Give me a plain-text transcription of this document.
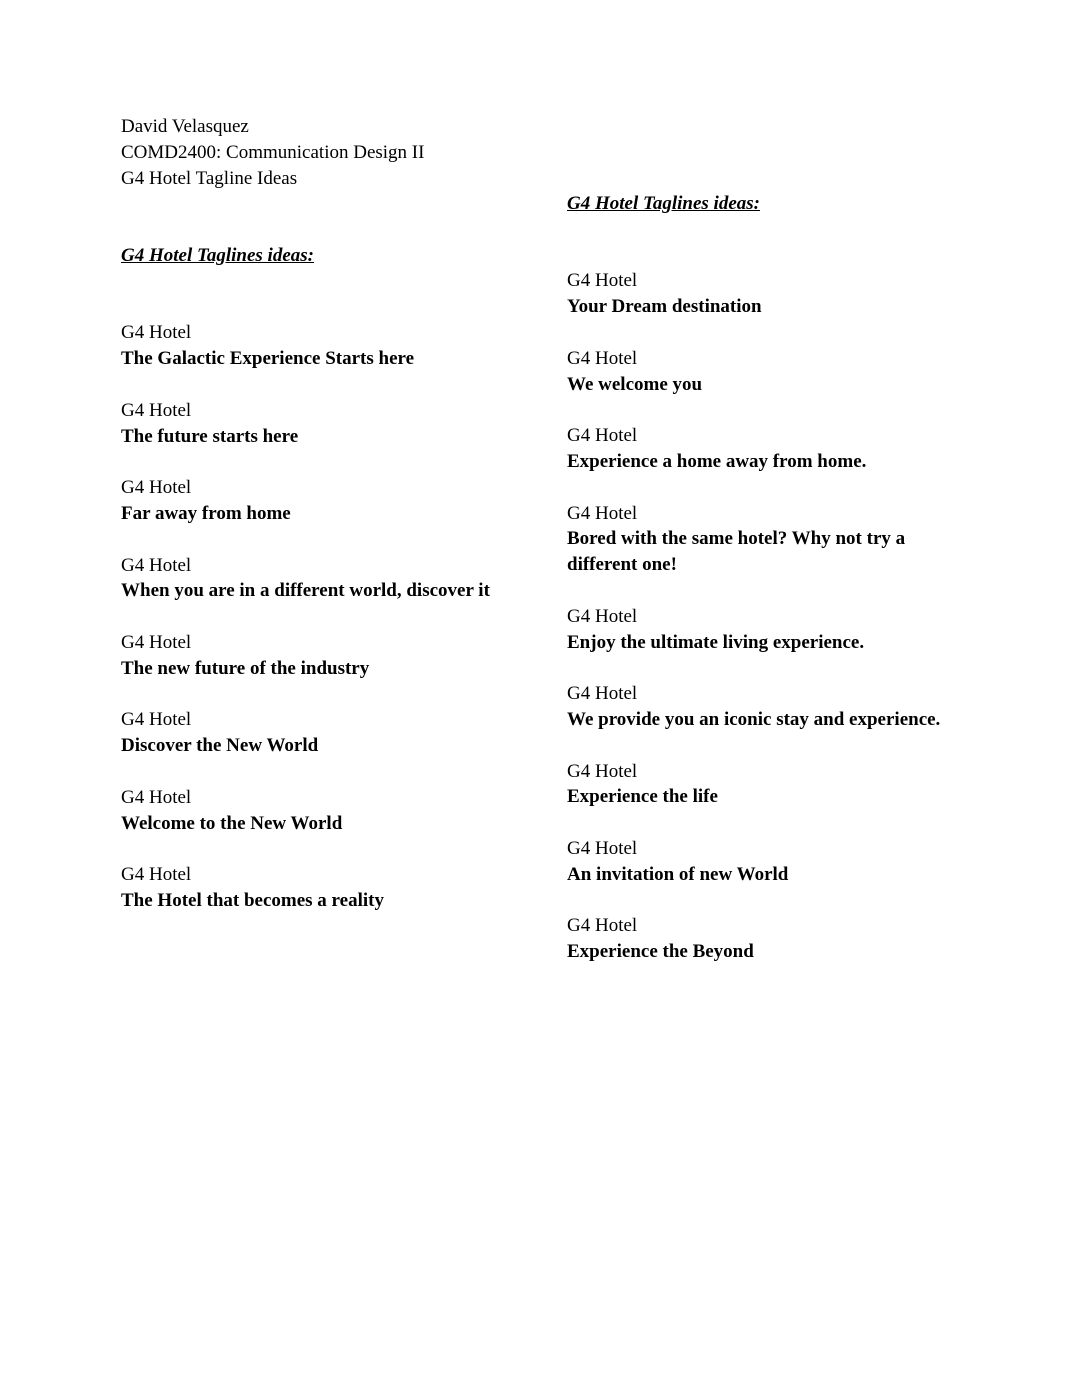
David Velasquez
COMD2400: Communication Design II
G4 Hotel Tagline Ideas
G4 Hotel Taglines ideas:
G4 Hotel
The Galactic Experience Starts here
G4 Hotel
The future starts here
G4 Hotel
Far away from home
G4 Hotel
When you are in a different world, discover it
G4 Hotel
The new future of the industry
G4 Hotel
Discover the New World
G4 Hotel
Welcome to the New World
G4 Hotel
The Hotel that becomes a reality
G4 Hotel Taglines ideas:
G4 Hotel
Your Dream destination
G4 Hotel
We welcome you
G4 Hotel
Experience a home away from home.
G4 Hotel
Bored with the same hotel? Why not try a different one!
G4 Hotel
Enjoy the ultimate living experience.
G4 Hotel
We provide you an iconic stay and experience.
G4 Hotel
Experience the life
G4 Hotel
An invitation of new World
G4 Hotel
Experience the Beyond
